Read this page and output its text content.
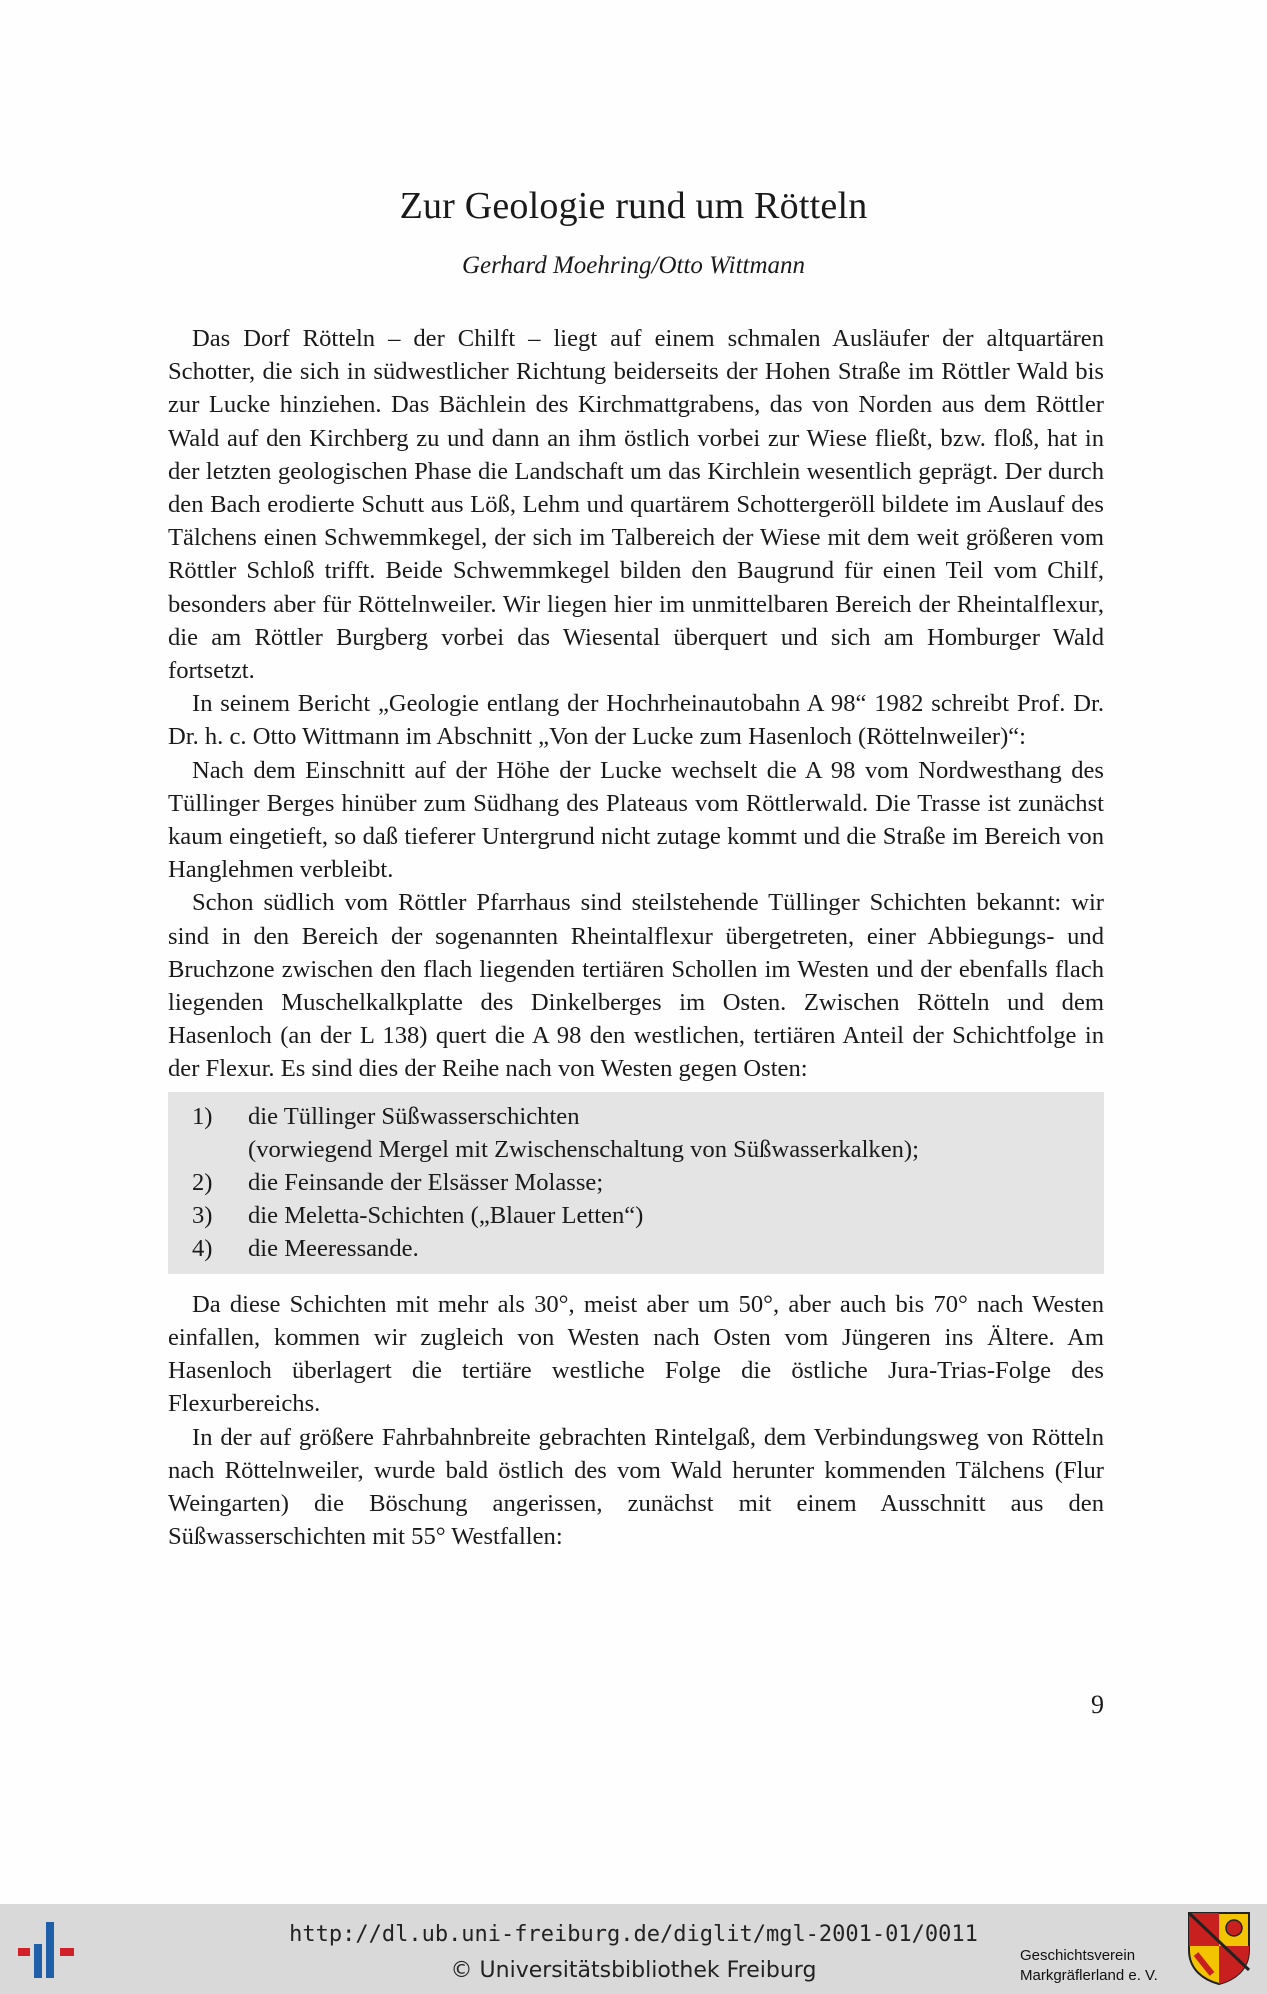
Zur Geologie rund um Rötteln
Gerhard Moehring/Otto Wittmann

Das Dorf Rötteln – der Chilft – liegt auf einem schmalen Ausläufer der altquartären Schotter, die sich in südwestlicher Richtung beiderseits der Hohen Straße im Röttler Wald bis zur Lucke hinziehen. Das Bächlein des Kirchmattgrabens, das von Norden aus dem Röttler Wald auf den Kirchberg zu und dann an ihm östlich vorbei zur Wiese fließt, bzw. floß, hat in der letzten geologischen Phase die Landschaft um das Kirchlein wesentlich geprägt. Der durch den Bach erodierte Schutt aus Löß, Lehm und quartärem Schottergeröll bildete im Auslauf des Tälchens einen Schwemmkegel, der sich im Talbereich der Wiese mit dem weit größeren vom Röttler Schloß trifft. Beide Schwemmkegel bilden den Baugrund für einen Teil vom Chilf, besonders aber für Röttelnweiler. Wir liegen hier im unmittelbaren Bereich der Rheintalflexur, die am Röttler Burgberg vorbei das Wiesental überquert und sich am Homburger Wald fortsetzt.

In seinem Bericht „Geologie entlang der Hochrheinautobahn A 98“ 1982 schreibt Prof. Dr. Dr. h. c. Otto Wittmann im Abschnitt „Von der Lucke zum Hasenloch (Röttelnweiler)“:

Nach dem Einschnitt auf der Höhe der Lucke wechselt die A 98 vom Nordwesthang des Tüllinger Berges hinüber zum Südhang des Plateaus vom Röttlerwald. Die Trasse ist zunächst kaum eingetieft, so daß tieferer Untergrund nicht zutage kommt und die Straße im Bereich von Hanglehmen verbleibt.

Schon südlich vom Röttler Pfarrhaus sind steilstehende Tüllinger Schichten bekannt: wir sind in den Bereich der sogenannten Rheintalflexur übergetreten, einer Abbiegungs- und Bruchzone zwischen den flach liegenden tertiären Schollen im Westen und der ebenfalls flach liegenden Muschelkalkplatte des Dinkelberges im Osten. Zwischen Rötteln und dem Hasenloch (an der L 138) quert die A 98 den westlichen, tertiären Anteil der Schichtfolge in der Flexur. Es sind dies der Reihe nach von Westen gegen Osten:

1)	die Tüllinger Süßwasserschichten
(vorwiegend Mergel mit Zwischenschaltung von Süßwasserkalken);
2)	die Feinsande der Elsässer Molasse;
3)	die Meletta-Schichten („Blauer Letten“)
4)	die Meeressande.

Da diese Schichten mit mehr als 30°, meist aber um 50°, aber auch bis 70° nach Westen einfallen, kommen wir zugleich von Westen nach Osten vom Jüngeren ins Ältere. Am Hasenloch überlagert die tertiäre westliche Folge die östliche Jura-Trias-Folge des Flexurbereichs.

In der auf größere Fahrbahnbreite gebrachten Rintelgaß, dem Verbindungsweg von Rötteln nach Röttelnweiler, wurde bald östlich des vom Wald herunter kommenden Tälchens (Flur Weingarten) die Böschung angerissen, zunächst mit einem Ausschnitt aus den Süßwasserschichten mit 55° Westfallen:

9
http://dl.ub.uni-freiburg.de/diglit/mgl-2001-01/0011
© Universitätsbibliothek Freiburg
Geschichtsverein
Markgräflerland e. V.
